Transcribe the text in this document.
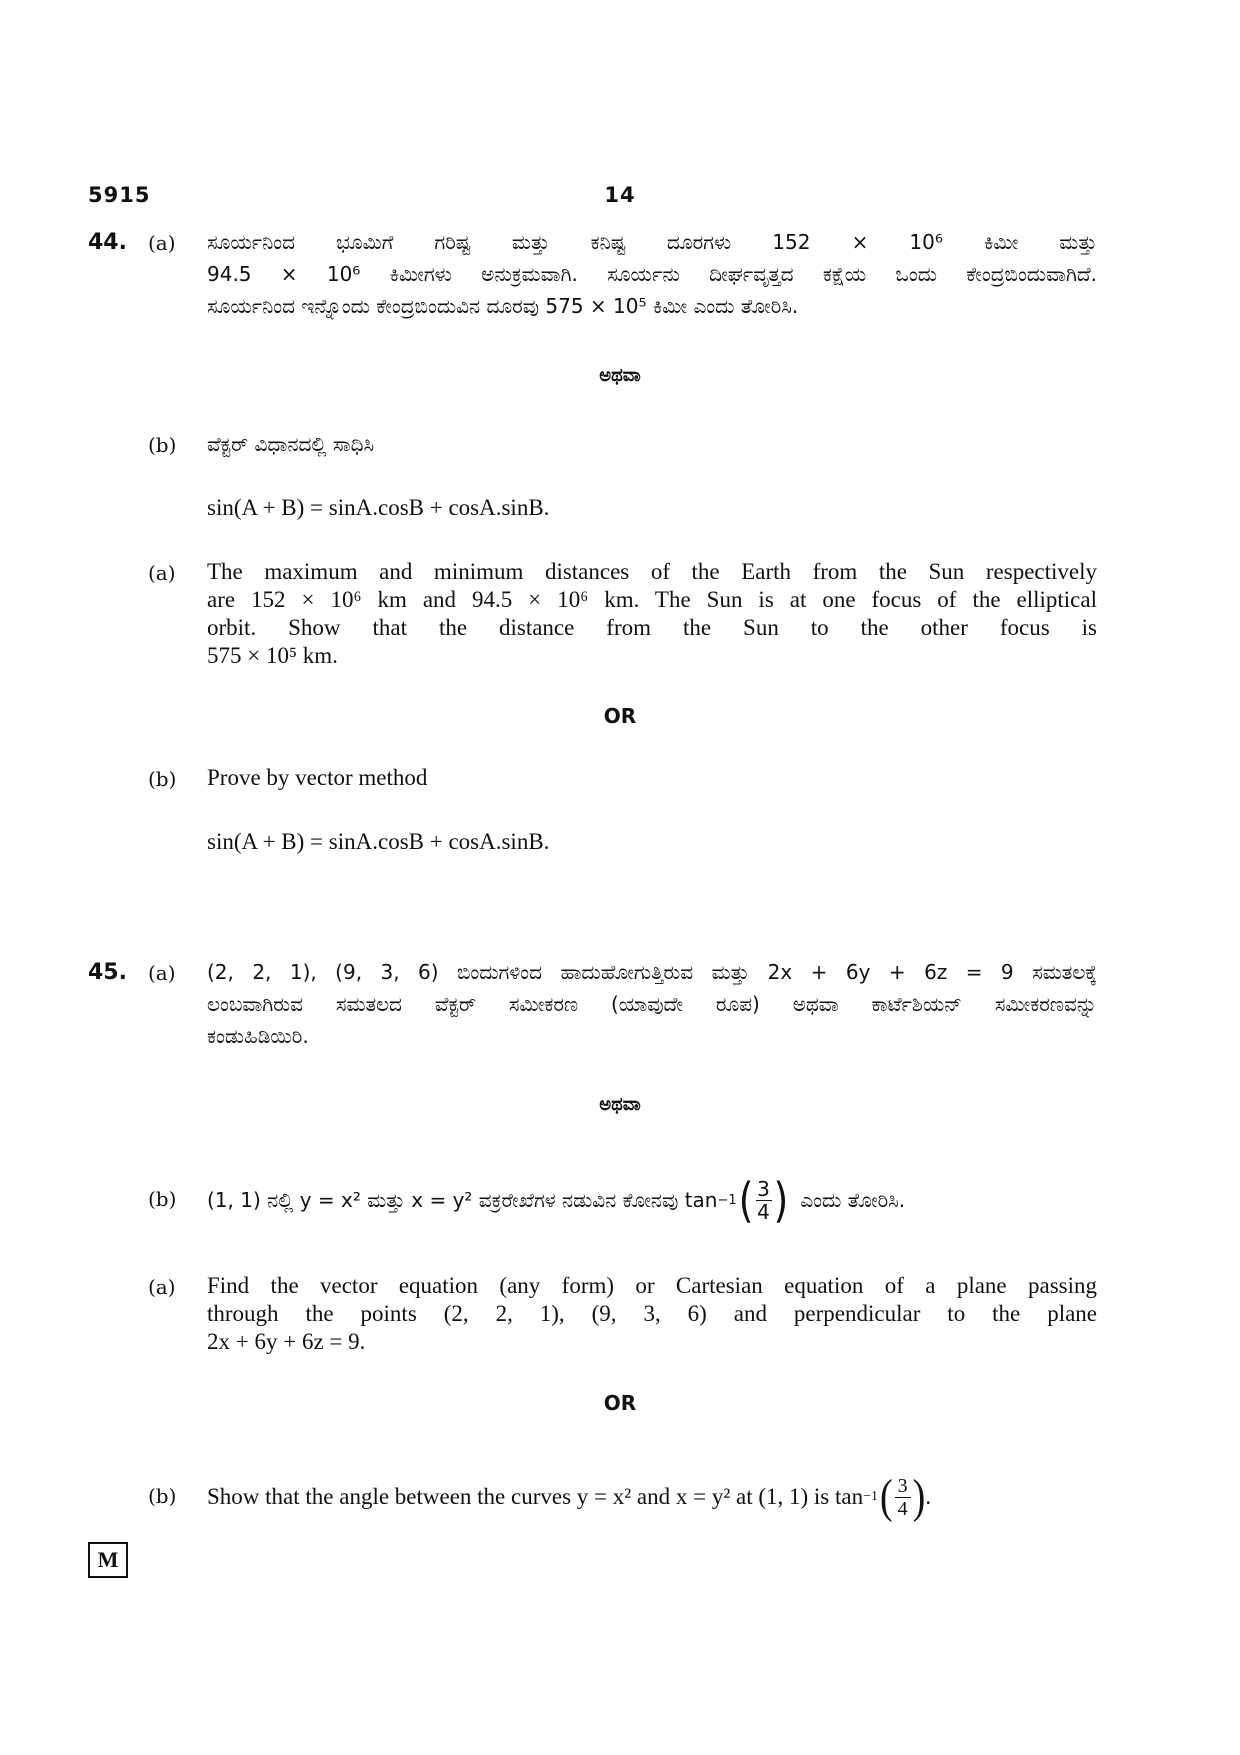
5915	14
44. (a) ಸೂರ್ಯನಿಂದ ಭೂಮಿಗೆ ಗರಿಷ್ಟ ಮತ್ತು ಕನಿಷ್ಟ ದೂರಗಳು 152 × 10⁶ ಕಿಮೀ ಮತ್ತು
94.5 × 10⁶ ಕಿಮೀಗಳು ಅನುಕ್ರಮವಾಗಿ. ಸೂರ್ಯನು ದೀರ್ಘವೃತ್ತದ ಕಕ್ಷೆಯ ಒಂದು ಕೇಂದ್ರಬಿಂದುವಾಗಿದೆ.
ಸೂರ್ಯನಿಂದ ಇನ್ನೊಂದು ಕೇಂದ್ರಬಿಂದುವಿನ ದೂರವು 575 × 10⁵ ಕಿಮೀ ಎಂದು ತೋರಿಸಿ.
ಅಥವಾ
(b) ವೆಕ್ಟರ್ ವಿಧಾನದಲ್ಲಿ ಸಾಧಿಸಿ
sin(A + B) = sinA.cosB + cosA.sinB.
(a) The maximum and minimum distances of the Earth from the Sun respectively
are 152 × 10⁶ km and 94.5 × 10⁶ km. The Sun is at one focus of the elliptical
orbit. Show that the distance from the Sun to the other focus is
575 × 10⁵ km.
OR
(b) Prove by vector method
sin(A + B) = sinA.cosB + cosA.sinB.
45. (a) (2, 2, 1), (9, 3, 6) ಬಿಂದುಗಳಿಂದ ಹಾದುಹೋಗುತ್ತಿರುವ ಮತ್ತು 2x + 6y + 6z = 9 ಸಮತಲಕ್ಕೆ
ಲಂಬವಾಗಿರುವ ಸಮತಲದ ವೆಕ್ಟರ್ ಸಮೀಕರಣ (ಯಾವುದೇ ರೂಪ) ಅಥವಾ ಕಾರ್ಟೆಶಿಯನ್ ಸಮೀಕರಣವನ್ನು
ಕಂಡುಹಿಡಿಯಿರಿ.
ಅಥವಾ
(b) (1, 1) ನಲ್ಲಿ y = x² ಮತ್ತು x = y² ವಕ್ರರೇಖೆಗಳ ನಡುವಿನ ಕೋನವು tan −1 ( 3
4 ) ಎಂದು ತೋರಿಸಿ.
(a) Find the vector equation (any form) or Cartesian equation of a plane passing
through the points (2, 2, 1), (9, 3, 6) and perpendicular to the plane
2x + 6y + 6z = 9.
OR
(b) Show that the angle between the curves y = x² and x = y² at (1, 1) is tan −1 ( 3
4 ) .
M
